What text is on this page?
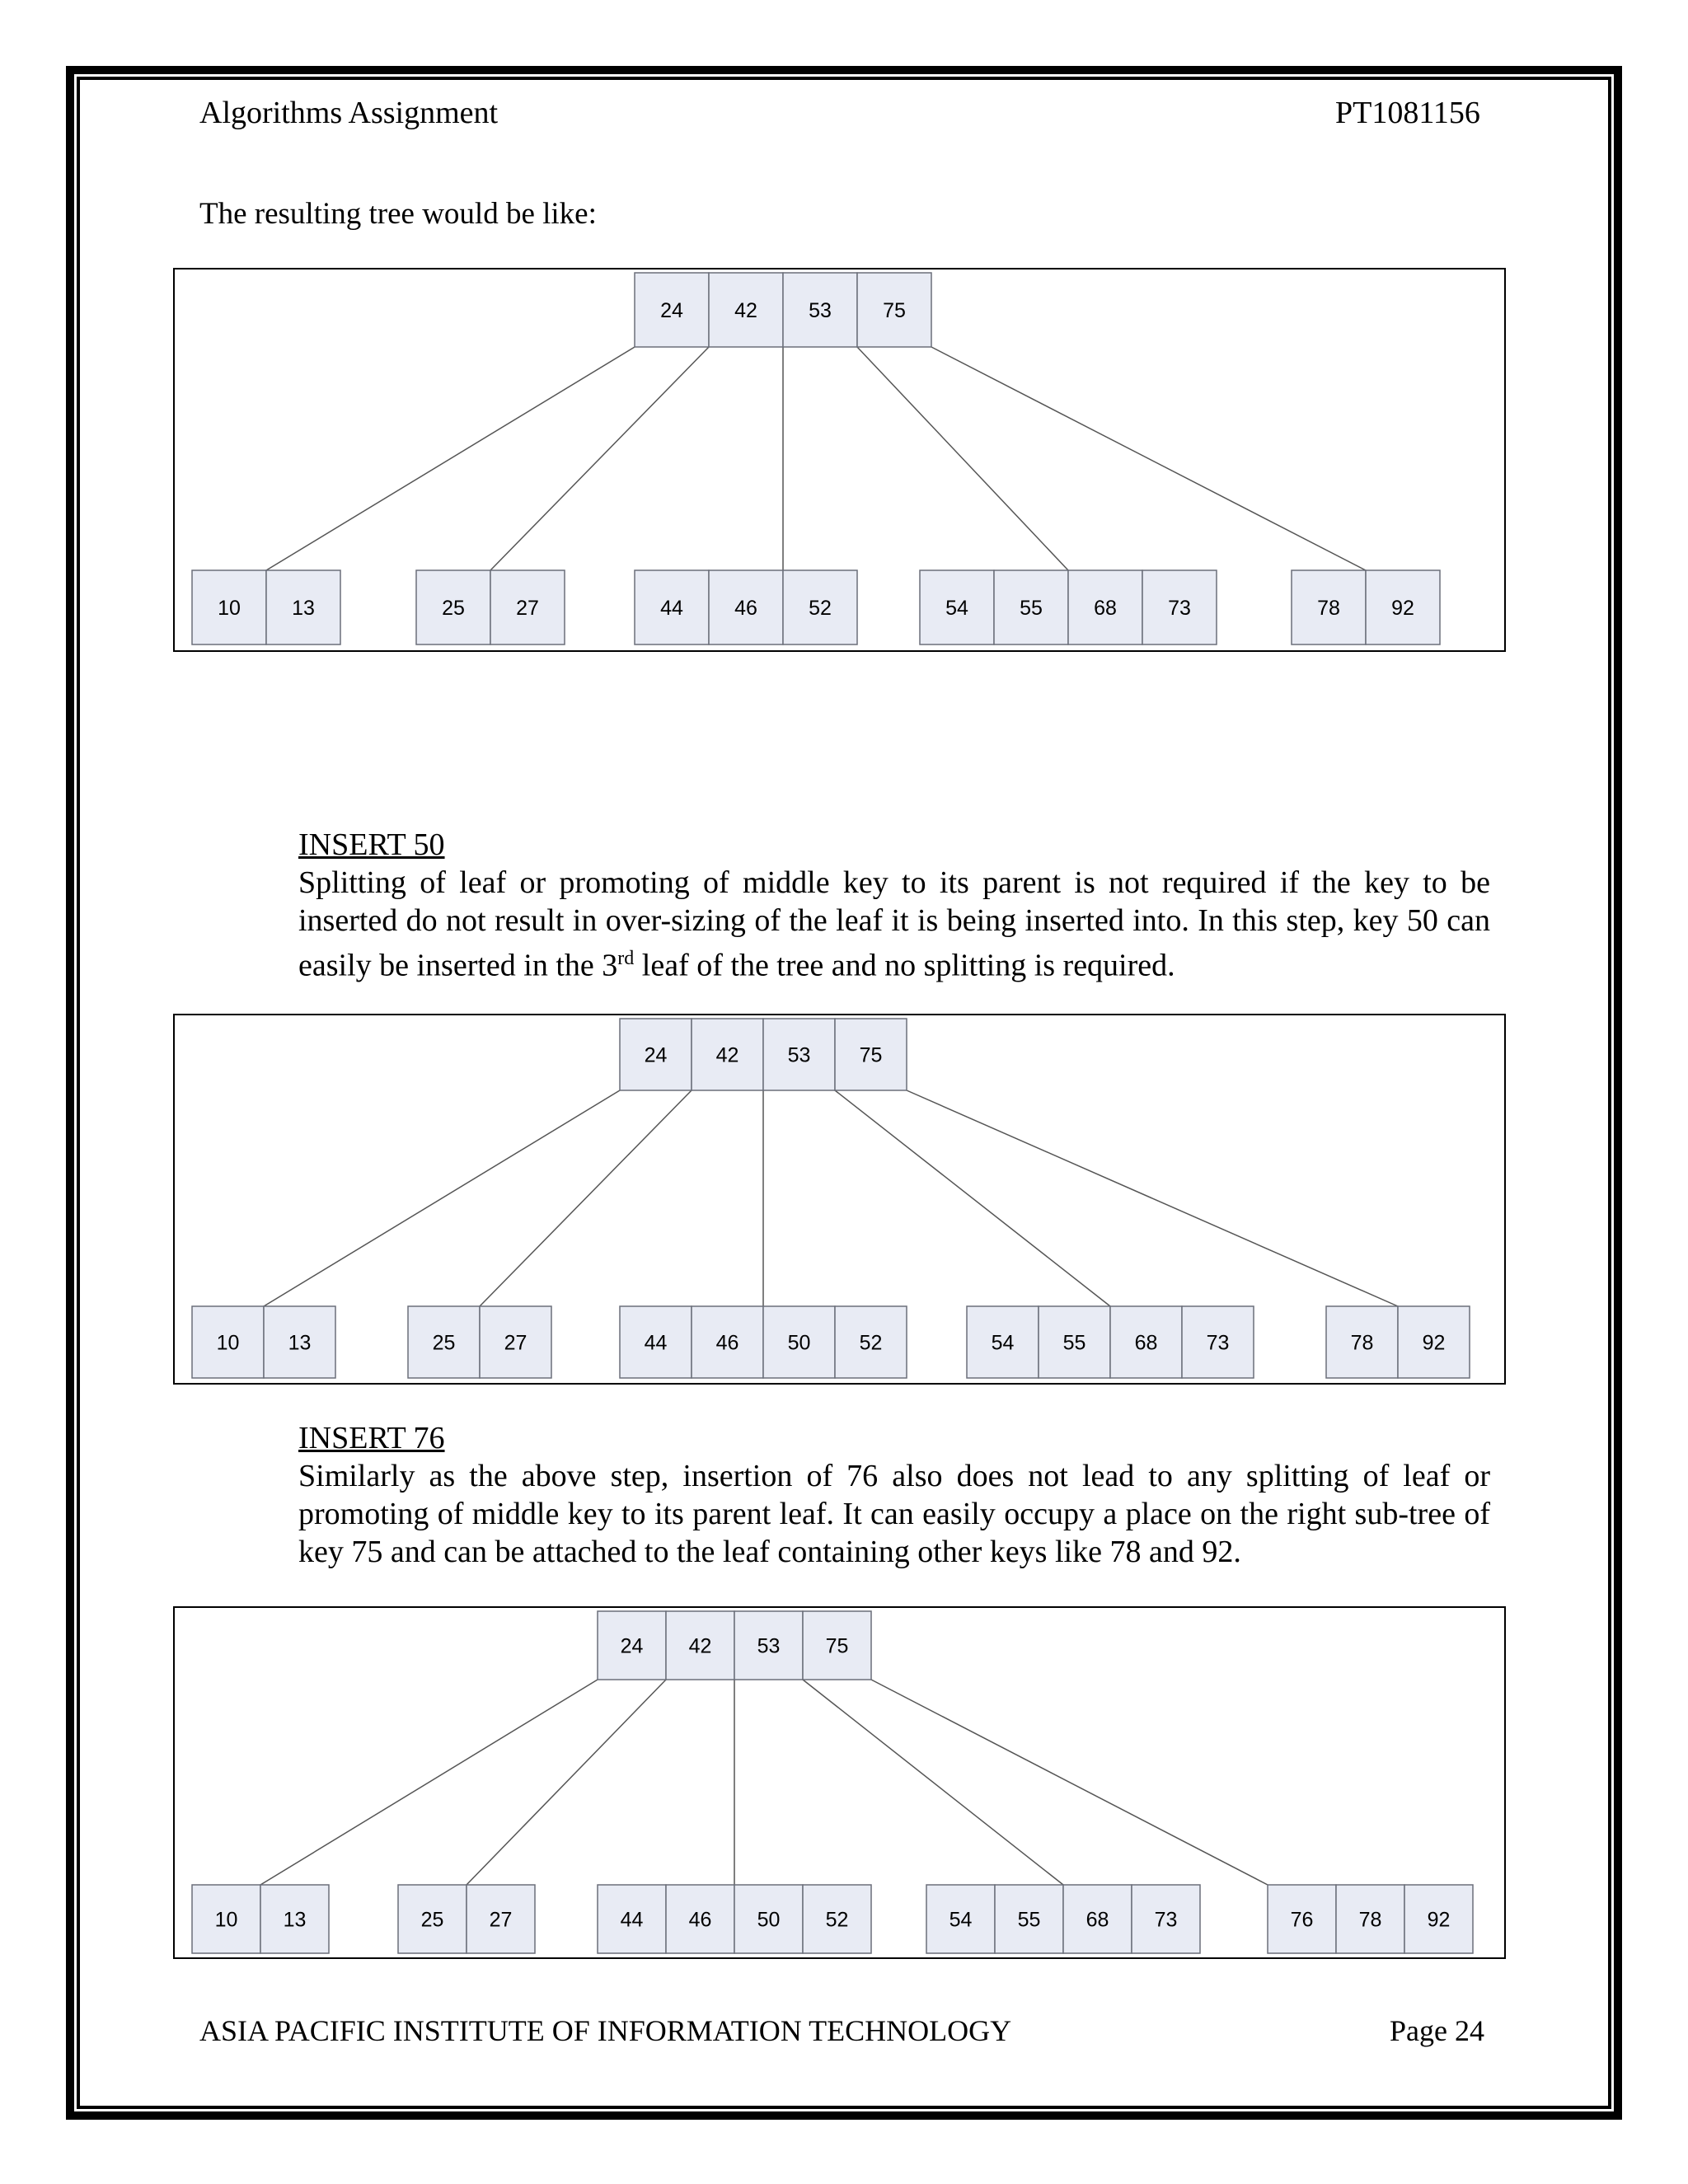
Algorithms Assignment	PT1081156
The resulting tree would be like:
24 42 53 75
10 13	25 27	44 46 52	54 55 68 73	78 92
INSERT 50

Splitting of leaf or promoting of middle key to its parent is not required if the key to be inserted do not result in over-sizing of the leaf it is being inserted into. In this step, key 50 can easily be inserted in the 3rd leaf of the tree and no splitting is required.

24 42 53 75
10 13	25 27	44 46 50 52	54 55 68 73	78 92
INSERT 76

Similarly as the above step, insertion of 76 also does not lead to any splitting of leaf or promoting of middle key to its parent leaf. It can easily occupy a place on the right sub-tree of key 75 and can be attached to the leaf containing other keys like 78 and 92.

24 42 53 75
10 13	25 27	44 46 50 52	54 55 68 73	76 78 92
ASIA PACIFIC INSTITUTE OF INFORMATION TECHNOLOGY	Page 24
